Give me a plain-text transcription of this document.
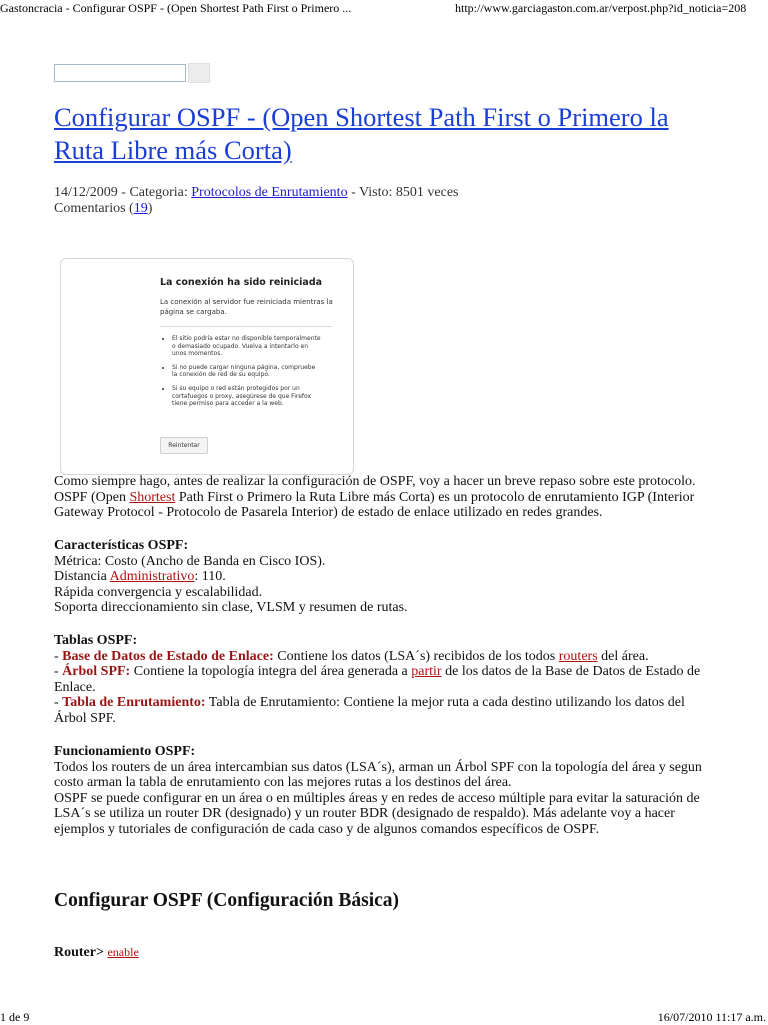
Gastoncracia - Configurar OSPF - (Open Shortest Path First o Primero ...	http://www.garciagaston.com.ar/verpost.php?id_noticia=208
Configurar OSPF - (Open Shortest Path First o Primero la Ruta Libre más Corta)
14/12/2009 - Categoria: Protocolos de Enrutamiento - Visto: 8501 veces
Comentarios (19)
La conexión ha sido reiniciada
La conexión al servidor fue reiniciada mientras la página se cargaba.
• El sitio podría estar no disponible temporalmente o demasiado ocupado. Vuelva a intentarlo en unos momentos.
• Si no puede cargar ninguna página, compruebe la conexión de red de su equipo.
• Si su equipo o red están protegidos por un cortafuegos o proxy, asegúrese de que Firefox tiene permiso para acceder a la web.
Reintentar

Como siempre hago, antes de realizar la configuración de OSPF, voy a hacer un breve repaso sobre este protocolo. OSPF (Open Shortest Path First o Primero la Ruta Libre más Corta) es un protocolo de enrutamiento IGP (Interior Gateway Protocol - Protocolo de Pasarela Interior) de estado de enlace utilizado en redes grandes.

Características OSPF:

Métrica: Costo (Ancho de Banda en Cisco IOS).

Distancia Administrativo: 110.

Rápida convergencia y escalabilidad.

Soporta direccionamiento sin clase, VLSM y resumen de rutas.

Tablas OSPF:

- Base de Datos de Estado de Enlace: Contiene los datos (LSA´s) recibidos de los todos routers del área.

- Árbol SPF: Contiene la topología integra del área generada a partir de los datos de la Base de Datos de Estado de Enlace.

- Tabla de Enrutamiento: Tabla de Enrutamiento: Contiene la mejor ruta a cada destino utilizando los datos del Árbol SPF.

Funcionamiento OSPF:

Todos los routers de un área intercambian sus datos (LSA´s), arman un Árbol SPF con la topología del área y segun costo arman la tabla de enrutamiento con las mejores rutas a los destinos del área.

OSPF se puede configurar en un área o en múltiples áreas y en redes de acceso múltiple para evitar la saturación de LSA´s se utiliza un router DR (designado) y un router BDR (designado de respaldo). Más adelante voy a hacer ejemplos y tutoriales de configuración de cada caso y de algunos comandos específicos de OSPF.

Configurar OSPF (Configuración Básica)
Router> enable
1 de 9	16/07/2010 11:17 a.m.
